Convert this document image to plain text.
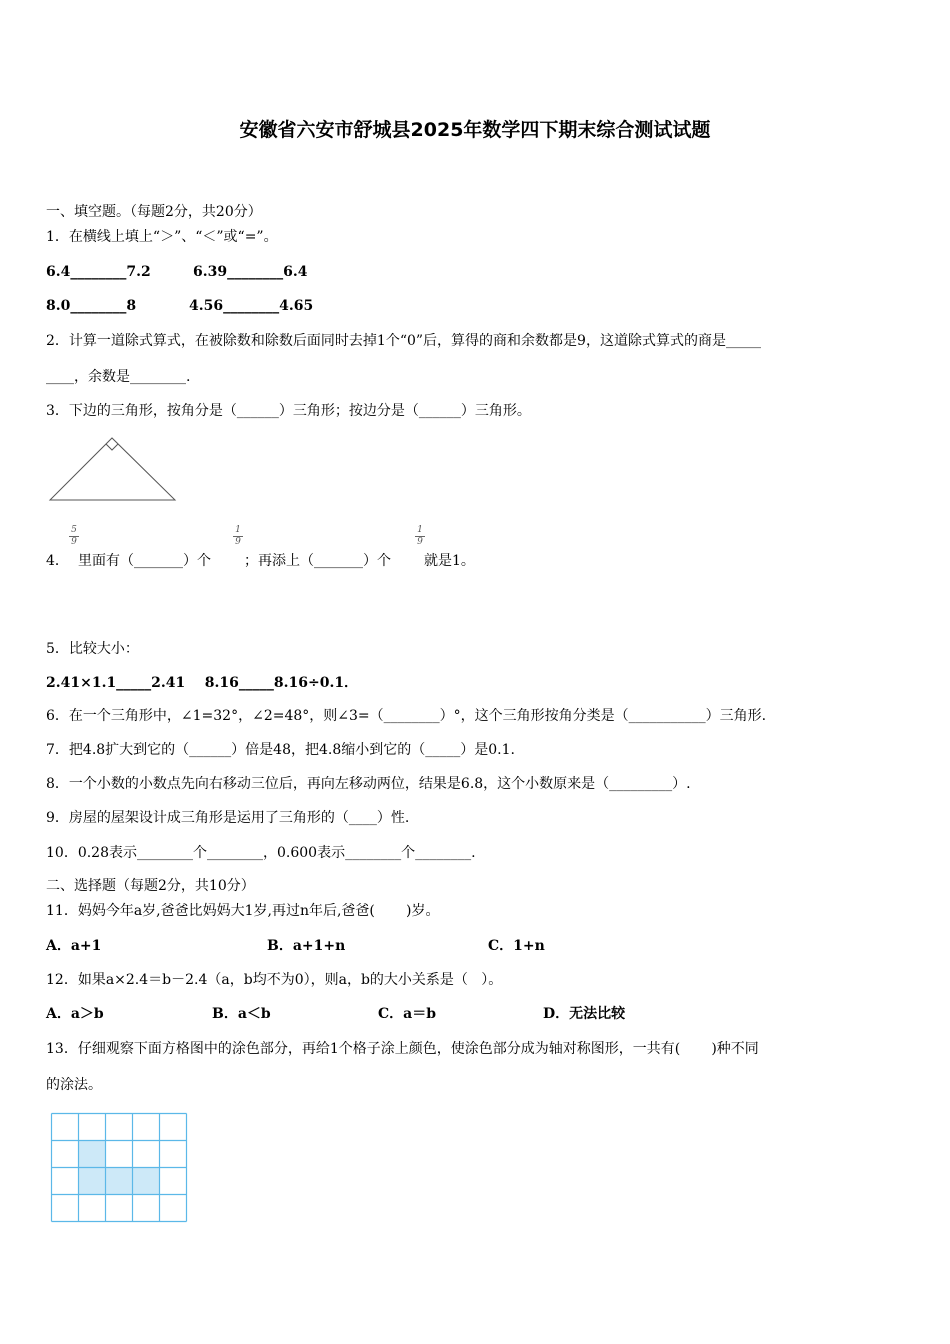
安徽省六安市舒城县2025年数学四下期末综合测试试题
一、填空题。（每题2分，共20分）
1．在横线上填上“＞”、“＜”或“=”。
6.4________7.2	6.39________6.4
8.0________8	4.56________4.65
2．计算一道除式算式，在被除数和除数后面同时去掉1个“0”后，算得的商和余数都是9，这道除式算式的商是_____
____，余数是________.
3．下边的三角形，按角分是（______）三角形；按边分是（______）三角形。
4．
5
9
里面有（_______）个
1
9
；再添上（_______）个
1
9
就是1。
5．比较大小：
2.41×1.1_____2.41    8.16_____8.16÷0.1．
6．在一个三角形中，∠1=32°，∠2=48°，则∠3=（________）°，这个三角形按角分类是（___________）三角形.
7．把4.8扩大到它的（______）倍是48，把4.8缩小到它的（_____）是0.1.
8．一个小数的小数点先向右移动三位后，再向左移动两位，结果是6.8，这个小数原来是（_________）.
9．房屋的屋架设计成三角形是运用了三角形的（____）性.
10．0.28表示________个________，0.600表示________个________.
二、选择题（每题2分，共10分）
11．妈妈今年a岁,爸爸比妈妈大1岁,再过n年后,爸爸(       )岁。
A．a+1	B．a+1+n	C．1+n
12．如果a×2.4＝b－2.4（a，b均不为0），则a，b的大小关系是（   ）。
A．a＞b	B．a＜b	C．a＝b	D．无法比较
13．仔细观察下面方格图中的涂色部分，再给1个格子涂上颜色，使涂色部分成为轴对称图形，一共有(       )种不同
的涂法。
